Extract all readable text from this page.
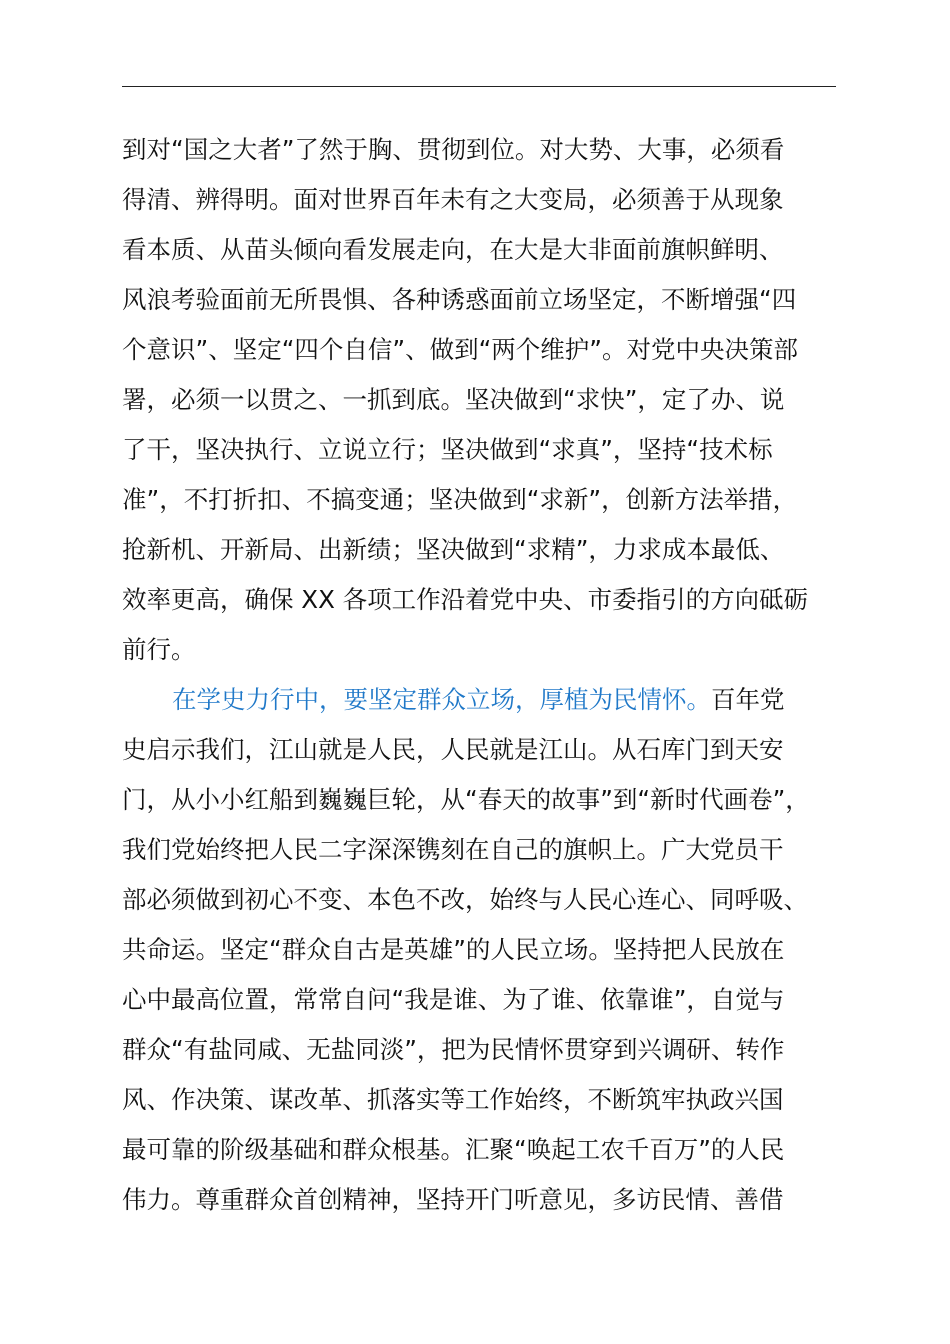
到对“国之大者”了然于胸、贯彻到位。对大势、大事，必须看
得清、辨得明。面对世界百年未有之大变局，必须善于从现象
看本质、从苗头倾向看发展走向，在大是大非面前旗帜鲜明、
风浪考验面前无所畏惧、各种诱惑面前立场坚定，不断增强“四
个意识”、坚定“四个自信”、做到“两个维护”。对党中央决策部
署，必须一以贯之、一抓到底。坚决做到“求快”，定了办、说
了干，坚决执行、立说立行；坚决做到“求真”，坚持“技术标
准”，不打折扣、不搞变通；坚决做到“求新”，创新方法举措，
抢新机、开新局、出新绩；坚决做到“求精”，力求成本最低、
效率更高，确保 XX 各项工作沿着党中央、市委指引的方向砥砺
前行。
在学史力行中，要坚定群众立场，厚植为民情怀。百年党
史启示我们，江山就是人民，人民就是江山。从石库门到天安
门，从小小红船到巍巍巨轮，从“春天的故事”到“新时代画卷”，
我们党始终把人民二字深深镌刻在自己的旗帜上。广大党员干
部必须做到初心不变、本色不改，始终与人民心连心、同呼吸、
共命运。坚定“群众自古是英雄”的人民立场。坚持把人民放在
心中最高位置，常常自问“我是谁、为了谁、依靠谁”，自觉与
群众“有盐同咸、无盐同淡”，把为民情怀贯穿到兴调研、转作
风、作决策、谋改革、抓落实等工作始终，不断筑牢执政兴国
最可靠的阶级基础和群众根基。汇聚“唤起工农千百万”的人民
伟力。尊重群众首创精神，坚持开门听意见，多访民情、善借
